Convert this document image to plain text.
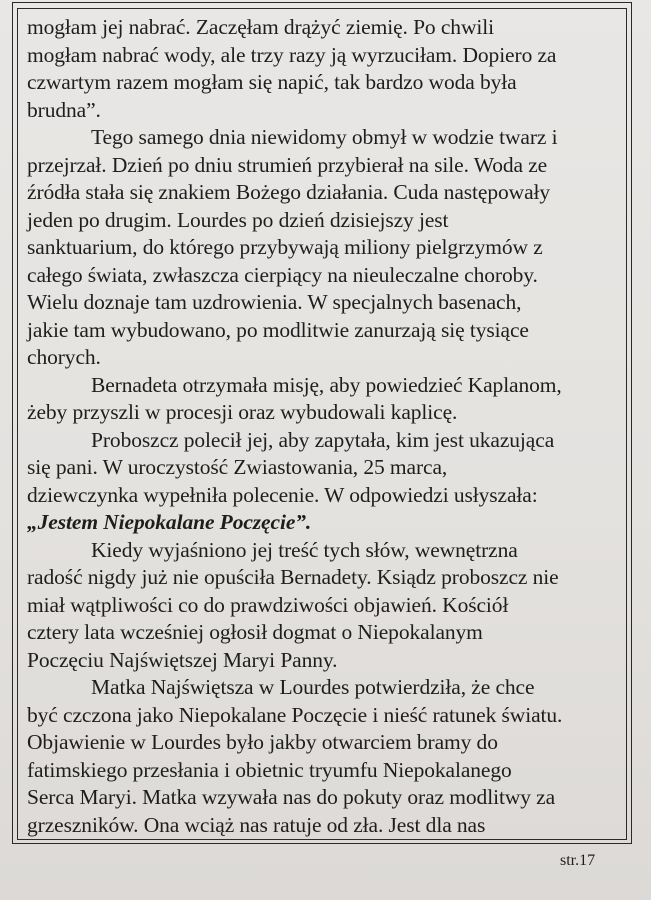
mogłam jej nabrać. Zaczęłam drążyć ziemię. Po chwili
mogłam nabrać wody, ale trzy razy ją wyrzuciłam. Dopiero za
czwartym razem mogłam się napić, tak bardzo woda była
brudna”.
Tego samego dnia niewidomy obmył w wodzie twarz i
przejrzał. Dzień po dniu strumień przybierał na sile. Woda ze
źródła stała się znakiem Bożego działania. Cuda następowały
jeden po drugim. Lourdes po dzień dzisiejszy jest
sanktuarium, do którego przybywają miliony pielgrzymów z
całego świata, zwłaszcza cierpiący na nieuleczalne choroby.
Wielu doznaje tam uzdrowienia. W specjalnych basenach,
jakie tam wybudowano, po modlitwie zanurzają się tysiące
chorych.
Bernadeta otrzymała misję, aby powiedzieć Kaplanom,
żeby przyszli w procesji oraz wybudowali kaplicę.
Proboszcz polecił jej, aby zapytała, kim jest ukazująca
się pani. W uroczystość Zwiastowania, 25 marca,
dziewczynka wypełniła polecenie. W odpowiedzi usłyszała:
„Jestem Niepokalane Poczęcie”.
Kiedy wyjaśniono jej treść tych słów, wewnętrzna
radość nigdy już nie opuściła Bernadety. Ksiądz proboszcz nie
miał wątpliwości co do prawdziwości objawień. Kościół
cztery lata wcześniej ogłosił dogmat o Niepokalanym
Poczęciu Najświętszej Maryi Panny.
Matka Najświętsza w Lourdes potwierdziła, że chce
być czczona jako Niepokalane Poczęcie i nieść ratunek światu.
Objawienie w Lourdes było jakby otwarciem bramy do
fatimskiego przesłania i obietnic tryumfu Niepokalanego
Serca Maryi. Matka wzywała nas do pokuty oraz modlitwy za
grzeszników. Ona wciąż nas ratuje od zła. Jest dla nas
str.17
